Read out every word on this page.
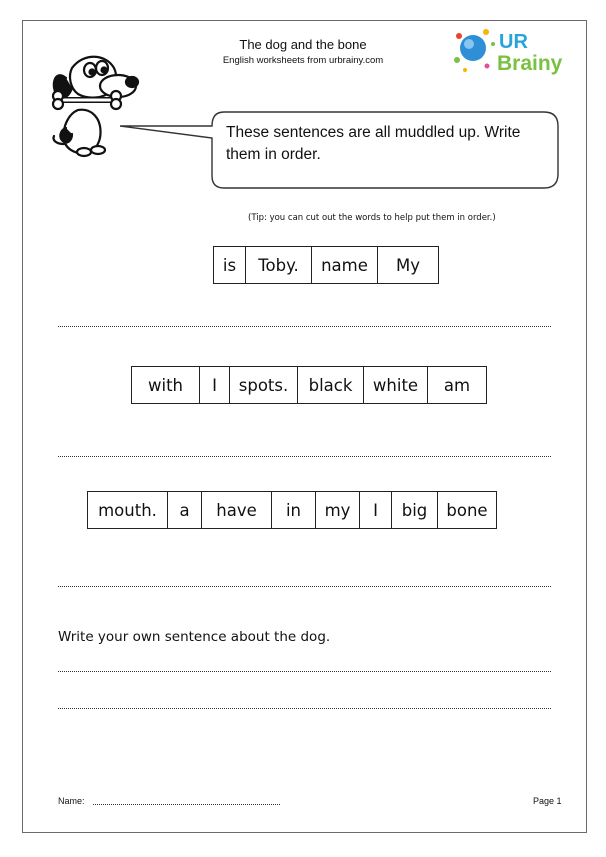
The dog and the bone
English worksheets from urbrainy.com
UR
Brainy
These sentences are all muddled up. Write them in order.
(Tip: you can cut out the words to help put them in order.)
is	Toby.	name	My
with	I	spots.	black	white	am
mouth.	a	have	in	my	I	big	bone
Write your own sentence about the dog.
Name:	Page 1
